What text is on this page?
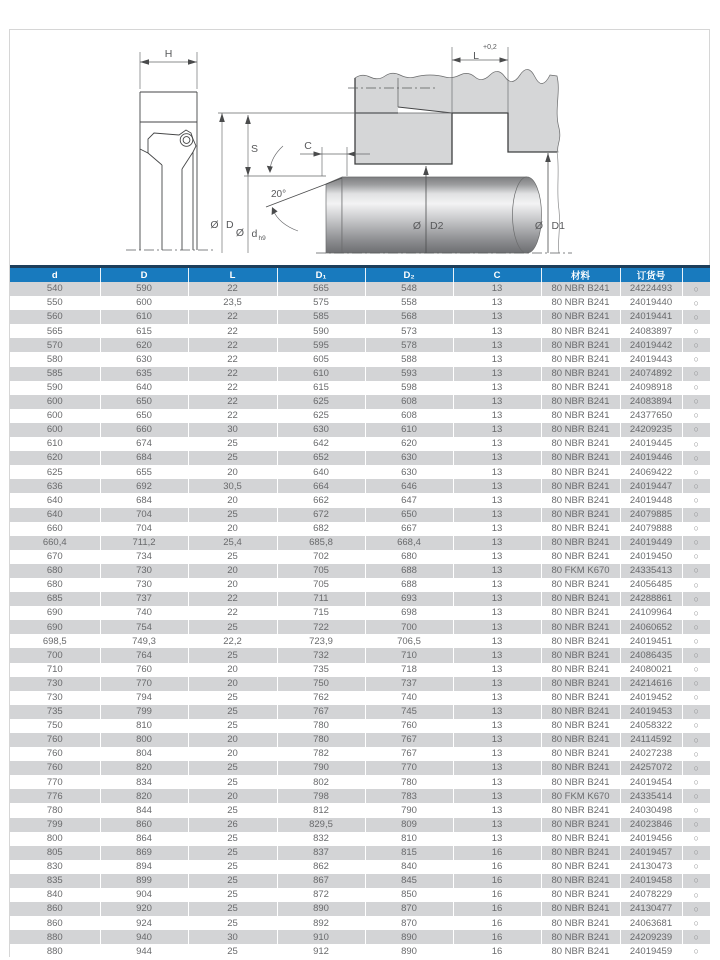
H
S	C
20°
Ø D
Ø d h9
L
+0,2
Ø D2	Ø D1
d	D	L	D₁	D₂	C	材料	订货号	
540	590	22	565	548	13	80 NBR B241	24224493	○
550	600	23,5	575	558	13	80 NBR B241	24019440	○
560	610	22	585	568	13	80 NBR B241	24019441	○
565	615	22	590	573	13	80 NBR B241	24083897	○
570	620	22	595	578	13	80 NBR B241	24019442	○
580	630	22	605	588	13	80 NBR B241	24019443	○
585	635	22	610	593	13	80 NBR B241	24074892	○
590	640	22	615	598	13	80 NBR B241	24098918	○
600	650	22	625	608	13	80 NBR B241	24083894	○
600	650	22	625	608	13	80 NBR B241	24377650	○
600	660	30	630	610	13	80 NBR B241	24209235	○
610	674	25	642	620	13	80 NBR B241	24019445	○
620	684	25	652	630	13	80 NBR B241	24019446	○
625	655	20	640	630	13	80 NBR B241	24069422	○
636	692	30,5	664	646	13	80 NBR B241	24019447	○
640	684	20	662	647	13	80 NBR B241	24019448	○
640	704	25	672	650	13	80 NBR B241	24079885	○
660	704	20	682	667	13	80 NBR B241	24079888	○
660,4	711,2	25,4	685,8	668,4	13	80 NBR B241	24019449	○
670	734	25	702	680	13	80 NBR B241	24019450	○
680	730	20	705	688	13	80 FKM K670	24335413	○
680	730	20	705	688	13	80 NBR B241	24056485	○
685	737	22	711	693	13	80 NBR B241	24288861	○
690	740	22	715	698	13	80 NBR B241	24109964	○
690	754	25	722	700	13	80 NBR B241	24060652	○
698,5	749,3	22,2	723,9	706,5	13	80 NBR B241	24019451	○
700	764	25	732	710	13	80 NBR B241	24086435	○
710	760	20	735	718	13	80 NBR B241	24080021	○
730	770	20	750	737	13	80 NBR B241	24214616	○
730	794	25	762	740	13	80 NBR B241	24019452	○
735	799	25	767	745	13	80 NBR B241	24019453	○
750	810	25	780	760	13	80 NBR B241	24058322	○
760	800	20	780	767	13	80 NBR B241	24114592	○
760	804	20	782	767	13	80 NBR B241	24027238	○
760	820	25	790	770	13	80 NBR B241	24257072	○
770	834	25	802	780	13	80 NBR B241	24019454	○
776	820	20	798	783	13	80 FKM K670	24335414	○
780	844	25	812	790	13	80 NBR B241	24030498	○
799	860	26	829,5	809	13	80 NBR B241	24023846	○
800	864	25	832	810	13	80 NBR B241	24019456	○
805	869	25	837	815	16	80 NBR B241	24019457	○
830	894	25	862	840	16	80 NBR B241	24130473	○
835	899	25	867	845	16	80 NBR B241	24019458	○
840	904	25	872	850	16	80 NBR B241	24078229	○
860	920	25	890	870	16	80 NBR B241	24130477	○
860	924	25	892	870	16	80 NBR B241	24063681	○
880	940	30	910	890	16	80 NBR B241	24209239	○
880	944	25	912	890	16	80 NBR B241	24019459	○
